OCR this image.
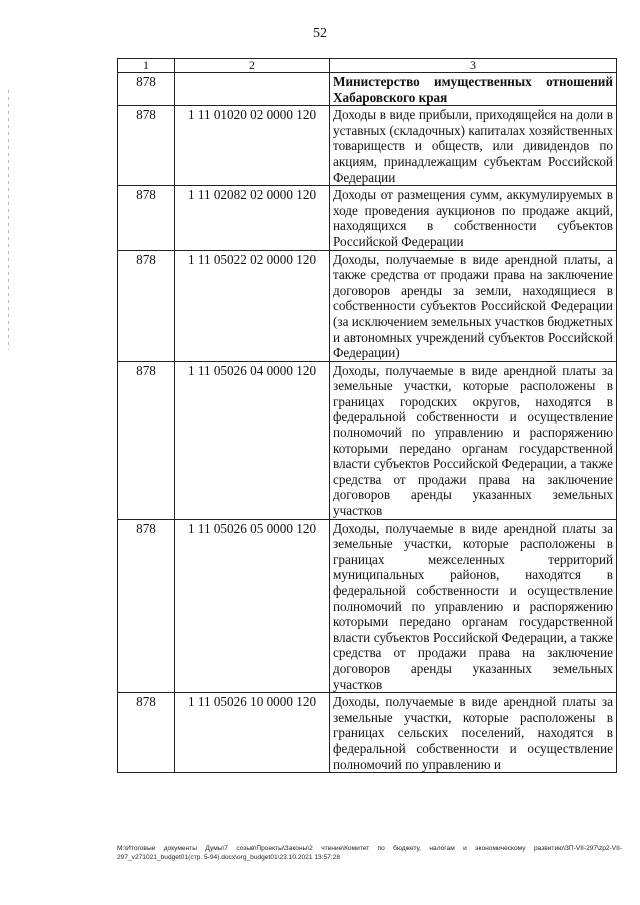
52
1	2	3
878		Министерство имущественных отношений Хабаровского края
878	1 11 01020 02 0000 120	Доходы в виде прибыли, приходящейся на доли в уставных (складочных) капиталах хозяйственных товариществ и обществ, или дивидендов по акциям, принадлежащим субъектам Российской Федерации
878	1 11 02082 02 0000 120	Доходы от размещения сумм, аккумулируемых в ходе проведения аукционов по продаже акций, находящихся в собственности субъектов Российской Федерации
878	1 11 05022 02 0000 120	Доходы, получаемые в виде арендной платы, а также средства от продажи права на заключение договоров аренды за земли, находящиеся в собственности субъектов Российской Федерации (за исключением земельных участков бюджетных и автономных учреждений субъектов Российской Федерации)
878	1 11 05026 04 0000 120	Доходы, получаемые в виде арендной платы за земельные участки, которые расположены в границах городских округов, находятся в федеральной собственности и осуществление полномочий по управлению и распоряжению которыми передано органам государственной власти субъектов Российской Федерации, а также средства от продажи права на заключение договоров аренды указанных земельных участков
878	1 11 05026 05 0000 120	Доходы, получаемые в виде арендной платы за земельные участки, которые расположены в границах межселенных территорий муниципальных районов, находятся в федеральной собственности и осуществление полномочий по управлению и распоряжению которыми передано органам государственной власти субъектов Российской Федерации, а также средства от продажи права на заключение договоров аренды указанных земельных участков
878	1 11 05026 10 0000 120	Доходы, получаемые в виде арендной платы за земельные участки, которые расположены в границах сельских поселений, находятся в федеральной собственности и осуществление полномочий по управлению и
M:\Итоговые документы Думы\7 созыв\Проекты\Законы\2 чтение\Комитет по бюджету, налогам и экономическому развитию\ЗП-VII-297\zp2-VII-297_v271021_budget01(стр. 5-94).docx\org_budget01\23.10.2021 13:57:28
